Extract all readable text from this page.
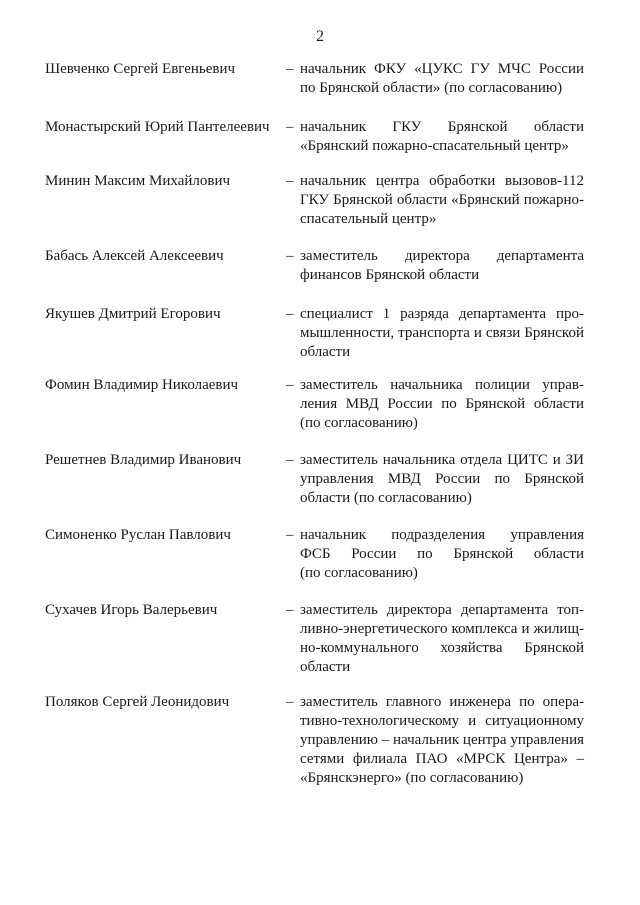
2
Шевченко Сергей Евгеньевич	– начальник ФКУ «ЦУКС ГУ МЧС России
по Брянской области» (по согласованию)
Монастырский Юрий Пантелеевич – начальник ГКУ Брянской области
«Брянский пожарно-спасательный центр»
Минин Максим Михайлович	– начальник центра обработки вызовов-112
ГКУ Брянской области «Брянский пожарно-
спасательный центр»
Бабась Алексей Алексеевич	– заместитель директора департамента
финансов Брянской области
Якушев Дмитрий Егорович	– специалист 1 разряда департамента про-
мышленности, транспорта и связи Брянской
области
Фомин Владимир Николаевич	– заместитель начальника полиции управ-
ления МВД России по Брянской области
(по согласованию)
Решетнев Владимир Иванович	– заместитель начальника отдела ЦИТС и ЗИ
управления МВД России по Брянской
области (по согласованию)
Симоненко Руслан Павлович	– начальник подразделения управления
ФСБ России по Брянской области
(по согласованию)
Сухачев Игорь Валерьевич	– заместитель директора департамента топ-
ливно-энергетического комплекса и жилищ-
но-коммунального хозяйства Брянской
области
Поляков Сергей Леонидович	– заместитель главного инженера по опера-
тивно-технологическому и ситуационному
управлению – начальник центра управления
сетями филиала ПАО «МРСК Центра» –
«Брянскэнерго» (по согласованию)
